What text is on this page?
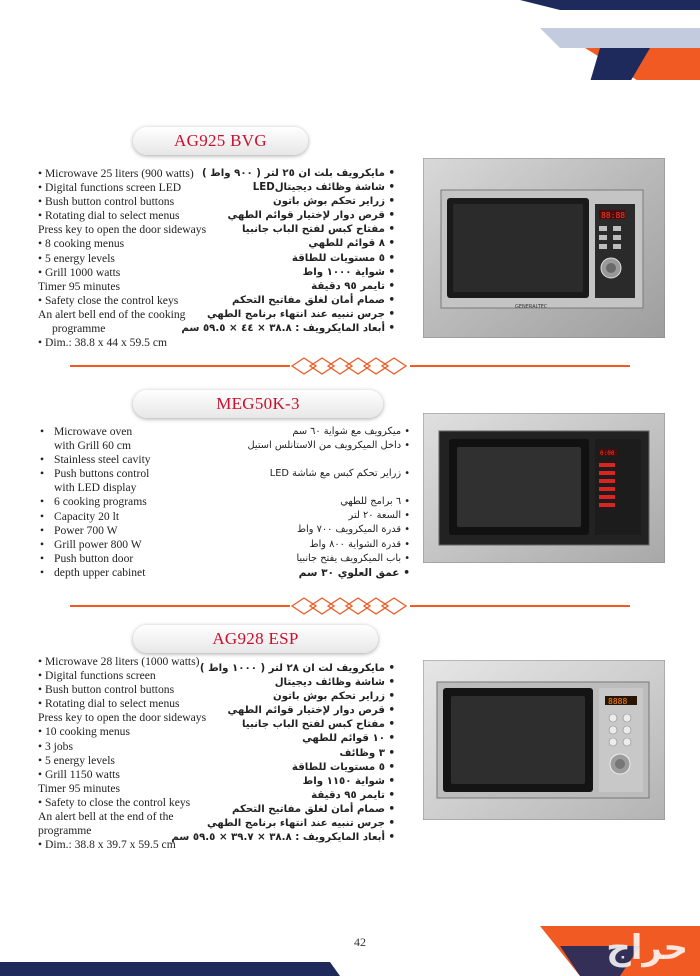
AG925 BVG
• Microwave 25 liters (900 watts)
• Digital functions screen LED
• Bush button control buttons
• Rotating dial to select menus
Press key to open the door sideways
• 8 cooking menus
• 5 energy levels
• Grill 1000 watts
Timer 95 minutes
• Safety close the control keys
An alert bell end of the cooking
programme
• Dim.: 38.8 x 44 x 59.5 cm
• مايكرويف بلت ان ٢٥ لتر ( ٩٠٠ واط )
• شاشة وظائف ديجيتالLED
• زراير تحكم بوش باتون
• قرص دوار لإختيار قوائم الطهي
• مفتاح كبس لفتح الباب جانبيا
• ٨ قوائم للطهي
• ٥ مستويات للطاقة
• شواية ١٠٠٠ واط
• تايمر ٩٥ دقيقة
• صمام أمان لغلق مفاتيح التحكم
• جرس تنبيه عند انتهاء برنامج الطهي
• أبعاد المايكرويف : ٣٨.٨ × ٤٤ × ٥٩.٥ سم
88:88
GENERALTEC
MEG50K-3
• Microwave oven
with Grill 60 cm
• Stainless steel cavity
• Push buttons control
with LED display
• 6 cooking programs
• Capacity 20 lt
• Power 700 W
• Grill power 800 W
• Push button door
• depth upper cabinet
• ميكرويف مع شواية ٦٠ سم
• داخل الميكرويف من الاستانلس استيل
• زراير تحكم كبس مع شاشة LED
• ٦ برامج للطهي
• السعة ٢٠ لتر
• قدرة الميكرويف ٧٠٠ واط
• قدرة الشواية ٨٠٠ واط
• باب الميكرويف يفتح جانبيا
• عمق العلوي ٣٠ سم
0:00
AG928 ESP
• Microwave 28 liters (1000 watts)
• Digital functions screen
• Bush button control buttons
• Rotating dial to select menus
Press key to open the door sideways
• 10 cooking menus
• 3 jobs
• 5 energy levels
• Grill 1150 watts
Timer 95 minutes
• Safety to close the control keys
An alert bell at the end of the
programme
• Dim.: 38.8 x 39.7 x 59.5 cm
• مايكرويف لت ان ٢٨ لتر ( ١٠٠٠ واط )
• شاشة وظائف ديجيتال
• زراير تحكم بوش باتون
• قرص دوار لإختيار قوائم الطهي
• مفتاح كبس لفتح الباب جانبيا
• ١٠ قوائم للطهي
• ٣ وظائف
• ٥ مستويات للطاقة
• شواية ١١٥٠ واط
• تايمر ٩٥ دقيقة
• صمام أمان لغلق مفاتيح التحكم
• جرس تنبيه عند انتهاء برنامج الطهي
• أبعاد المايكرويف : ٣٨.٨ × ٣٩.٧ × ٥٩.٥ سم
8888
42	حراج
